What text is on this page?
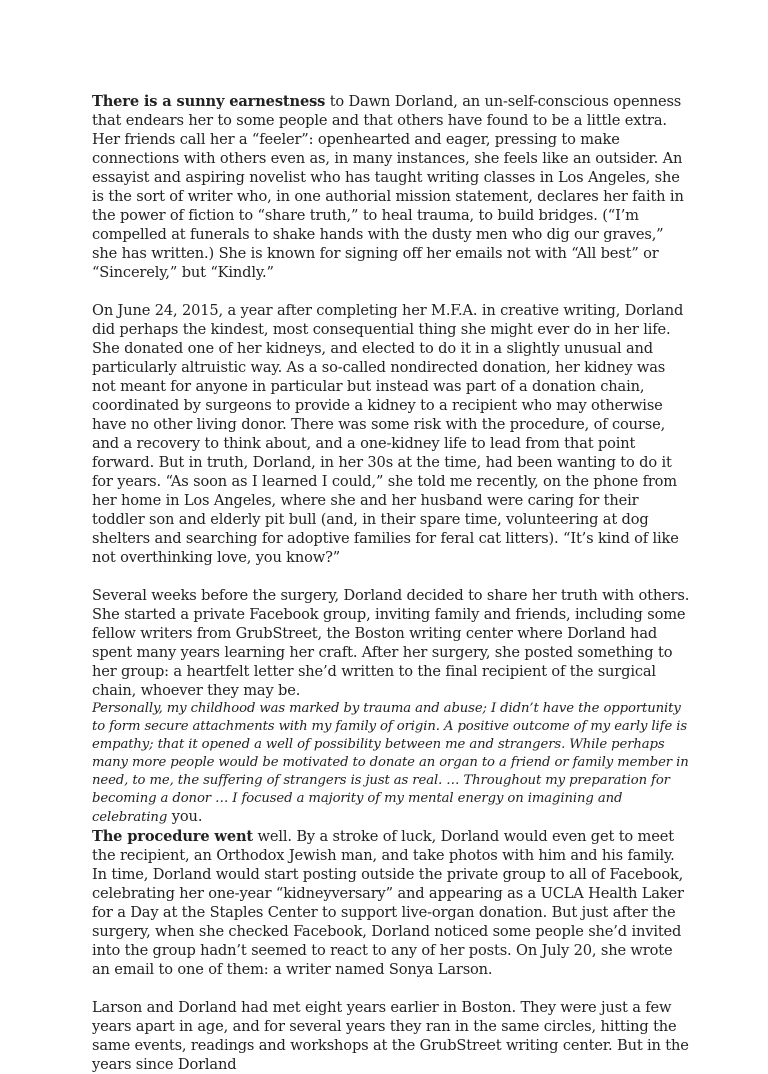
There is a sunny earnestness to Dawn Dorland, an un-self-conscious openness that endears her to some people and that others have found to be a little extra. Her friends call her a “feeler”: openhearted and eager, pressing to make connections with others even as, in many instances, she feels like an outsider. An essayist and aspiring novelist who has taught writing classes in Los Angeles, she is the sort of writer who, in one authorial mission statement, declares her faith in the power of fiction to “share truth,” to heal trauma, to build bridges. (“I’m compelled at funerals to shake hands with the dusty men who dig our graves,” she has written.) She is known for signing off her emails not with “All best” or “Sincerely,” but “Kindly.”

On June 24, 2015, a year after completing her M.F.A. in creative writing, Dorland did perhaps the kindest, most consequential thing she might ever do in her life. She donated one of her kidneys, and elected to do it in a slightly unusual and particularly altruistic way. As a so-called nondirected donation, her kidney was not meant for anyone in particular but instead was part of a donation chain, coordinated by surgeons to provide a kidney to a recipient who may otherwise have no other living donor. There was some risk with the procedure, of course, and a recovery to think about, and a one-kidney life to lead from that point forward. But in truth, Dorland, in her 30s at the time, had been wanting to do it for years. “As soon as I learned I could,” she told me recently, on the phone from her home in Los Angeles, where she and her husband were caring for their toddler son and elderly pit bull (and, in their spare time, volunteering at dog shelters and searching for adoptive families for feral cat litters). “It’s kind of like not overthinking love, you know?”

Several weeks before the surgery, Dorland decided to share her truth with others. She started a private Facebook group, inviting family and friends, including some fellow writers from GrubStreet, the Boston writing center where Dorland had spent many years learning her craft. After her surgery, she posted something to her group: a heartfelt letter she’d written to the final recipient of the surgical chain, whoever they may be.

Personally, my childhood was marked by trauma and abuse; I didn’t have the opportunity to form secure attachments with my family of origin. A positive outcome of my early life is empathy; that it opened a well of possibility between me and strangers. While perhaps many more people would be motivated to donate an organ to a friend or family member in need, to me, the suffering of strangers is just as real. … Throughout my preparation for becoming a donor … I focused a majority of my mental energy on imagining and celebrating you.

The procedure went well. By a stroke of luck, Dorland would even get to meet the recipient, an Orthodox Jewish man, and take photos with him and his family. In time, Dorland would start posting outside the private group to all of Facebook, celebrating her one-year “kidneyversary” and appearing as a UCLA Health Laker for a Day at the Staples Center to support live-organ donation. But just after the surgery, when she checked Facebook, Dorland noticed some people she’d invited into the group hadn’t seemed to react to any of her posts. On July 20, she wrote an email to one of them: a writer named Sonya Larson.

Larson and Dorland had met eight years earlier in Boston. They were just a few years apart in age, and for several years they ran in the same circles, hitting the same events, readings and workshops at the GrubStreet writing center. But in the years since Dorland
